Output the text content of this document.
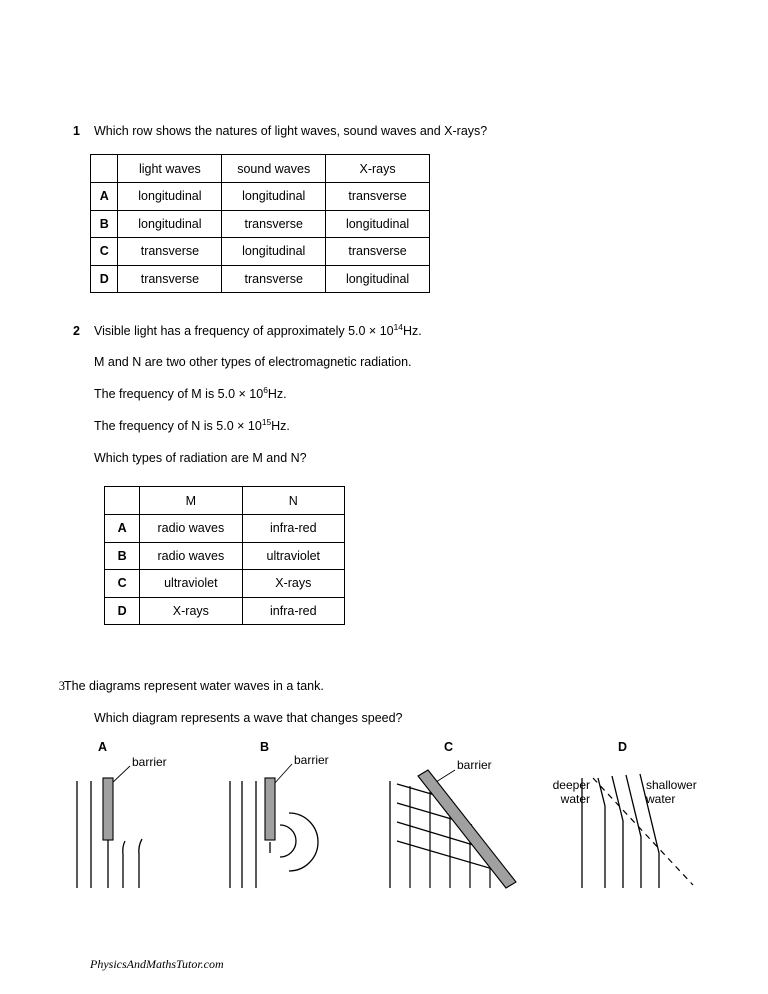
1 Which row shows the natures of light waves, sound waves and X-rays?
	light waves	sound waves	X-rays
A	longitudinal	longitudinal	transverse
B	longitudinal	transverse	longitudinal
C	transverse	longitudinal	transverse
D	transverse	transverse	longitudinal
2 Visible light has a frequency of approximately $5.0 \times 10^{14}Hz$.
M and N are two other types of electromagnetic radiation.
The frequency of M is $5.0 \times 10^6Hz$.
The frequency of N is $5.0 \times 10^{15}Hz$.
Which types of radiation are M and N?
	M	N
A	radio waves	infra-red
B	radio waves	ultraviolet
C	ultraviolet	X-rays
D	X-rays	infra-red
3 The diagrams represent water waves in a tank.
Which diagram represents a wave that changes speed?
A
barrier
B
barrier
C
barrier
D
deeper
water
shallower
water
PhysicsAndMathsTutor.com
